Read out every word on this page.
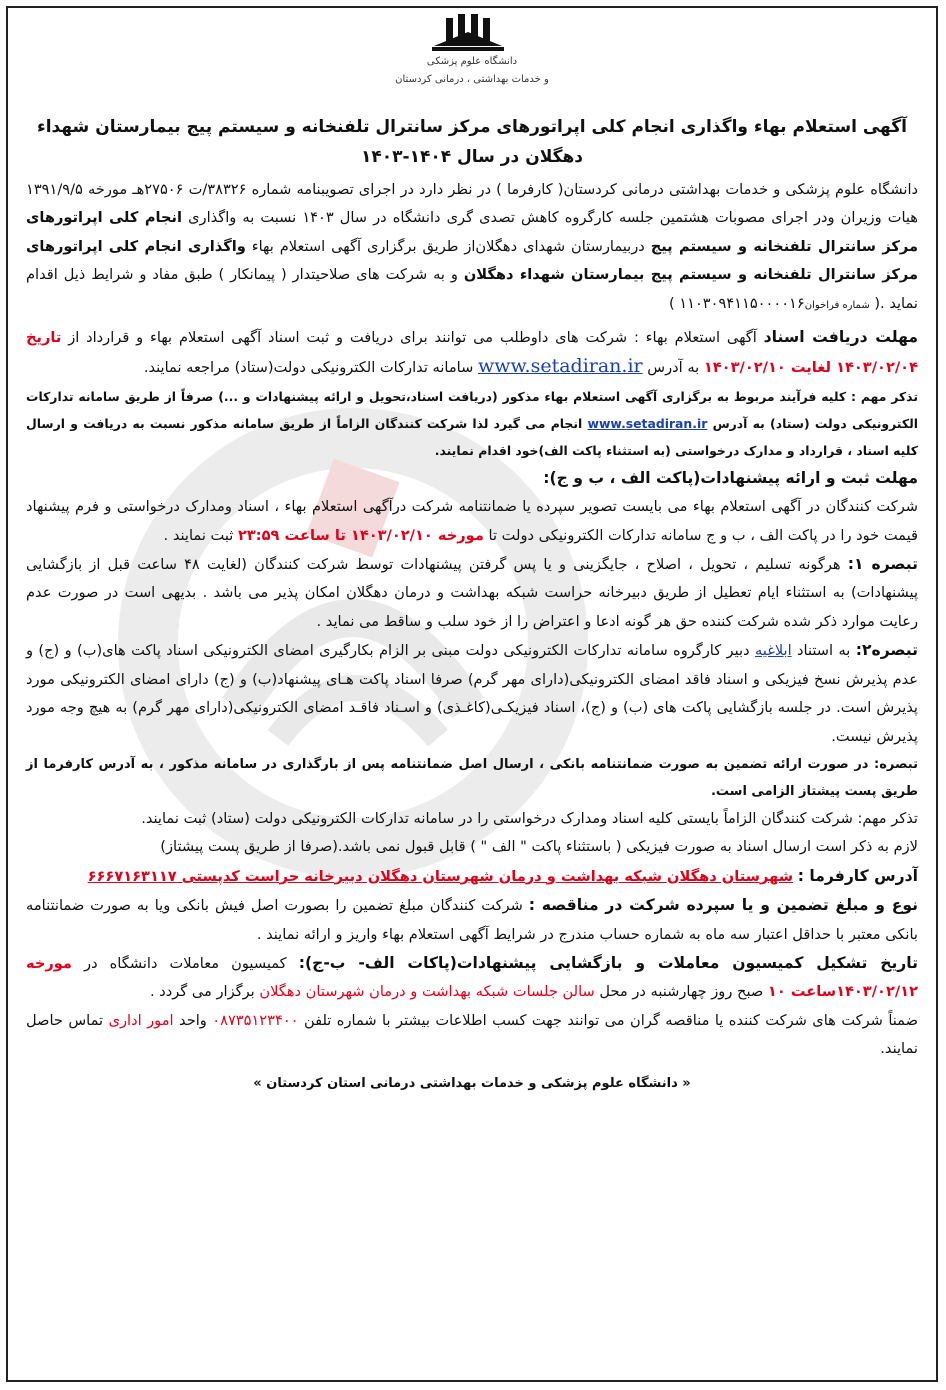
دانشگاه علوم پزشکی
و خدمات بهداشتی ، درمانی کردستان
آگهی استعلام بهاء واگذاری انجام کلی اپراتورهای مرکز سانترال تلفنخانه و سیستم پیج بیمارستان شهداء دهگلان در سال ۱۴۰۴-۱۴۰۳

دانشگاه علوم پزشکی و خدمات بهداشتی درمانی کردستان( کارفرما ) در نظر دارد در اجرای تصویبنامه شماره ۳۸۳۲۶/ت ۲۷۵۰۶هـ مورخه ۱۳۹۱/۹/۵ هیات وزیران ودر اجرای مصوبات هشتمین جلسه کارگروه کاهش تصدی گری دانشگاه در سال ۱۴۰۳ نسبت به واگذاری انجام کلی اپراتورهای مرکز سانترال تلفنخانه و سیستم پیج دربیمارستان شهدای دهگلان‌از طریق برگزاری آگهی استعلام بهاء واگذاری انجام کلی اپراتورهای مرکز سانترال تلفنخانه و سیستم پیج بیمارستان شهداء دهگلان و به شرکت های صلاحیتدار ( پیمانکار ) طبق مفاد و شرایط ذیل اقدام نماید .( شماره فراخوان۱۱۰۳۰۹۴۱۱۵۰۰۰۰۱۶ )

مهلت دریافت اسناد آگهی استعلام بهاء : شرکت های داوطلب می توانند برای دریافت و ثبت اسناد آگهی استعلام بهاء و قرارداد از تاریخ ۱۴۰۳/۰۲/۰۴ لغایت ۱۴۰۳/۰۲/۱۰ به آدرس www.setadiran.ir سامانه تدارکات الکترونیکی دولت(ستاد) مراجعه نمایند.

تذکر مهم : کلیه فرآیند مربوط به برگزاری آگهی استعلام بهاء مذکور (دریافت اسناد،تحویل و ارائه پیشنهادات و ...) صرفاً از طریق سامانه تدارکات الکترونیکی دولت (ستاد) به آدرس www.setadiran.ir انجام می گیرد لذا شرکت کنندگان الزاماً از طریق سامانه مذکور نسبت به دریافت و ارسال کلیه اسناد ، قرارداد و مدارک درخواستی (به استثناء پاکت الف)خود اقدام نمایند.

مهلت ثبت و ارائه پیشنهادات(پاکت الف ، ب و ج):
شرکت کنندگان در آگهی استعلام بهاء می بایست تصویر سپرده یا ضمانتنامه شرکت درآگهی استعلام بهاء ، اسناد ومدارک درخواستی و فرم پیشنهاد قیمت خود را در پاکت الف ، ب و ج سامانه تدارکات الکترونیکی دولت تا مورخه ۱۴۰۳/۰۲/۱۰ تا ساعت ۲۳:۵۹ ثبت نمایند .

تبصره ۱: هرگونه تسلیم ، تحویل ، اصلاح ، جایگزینی و یا پس گرفتن پیشنهادات توسط شرکت کنندگان (لغایت ۴۸ ساعت قبل از بازگشایی پیشنهادات) به استثناء ایام تعطیل از طریق دبیرخانه حراست شبکه بهداشت و درمان دهگلان امکان پذیر می باشد . بدیهی است در صورت عدم رعایت موارد ذکر شده شرکت کننده حق هر گونه ادعا و اعتراض را از خود سلب و ساقط می نماید .

تبصره۲: به استناد ابلاغیه دبیر کارگروه سامانه تدارکات الکترونیکی دولت مبنی بر الزام بکارگیری امضای الکترونیکی اسناد پاکت های(ب) و (ج) و عدم پذیرش نسخ فیزیکی و اسناد فاقد امضای الکترونیکی(دارای مهر گرم) صرفا اسناد پاکت هـای پیشنهاد(ب) و (ج) دارای امضای الکترونیکی مورد پذیرش است. در جلسه بازگشایی پاکت های (ب) و (ج)، اسناد فیزیکـی(کاغـذی) و اسـناد فاقـد امضای الکترونیکی(دارای مهر گرم) به هیچ وجه مورد پذیرش نیست.

تبصره: در صورت ارائه تضمین به صورت ضمانتنامه بانکی ، ارسال اصل ضمانتنامه پس از بارگذاری در سامانه مذکور ، به آدرس کارفرما از طریق پست پیشتاز الزامی است.

تذکر مهم: شرکت کنندگان الزاماً بایستی کلیه اسناد ومدارک درخواستی را در سامانه تدارکات الکترونیکی دولت (ستاد) ثبت نمایند.

لازم به ذکر است ارسال اسناد به صورت فیزیکی ( باستثناء پاکت " الف " ) قابل قبول نمی باشد.(صرفا از طریق پست پیشتاز)

آدرس کارفرما : شهرستان دهگلان شبکه بهداشت و درمان شهرستان دهگلان دبیرخانه حراست کدپستی ۶۶۶۷۱۶۳۱۱۷

نوع و مبلغ تضمین و یا سپرده شرکت در مناقصه : شرکت کنندگان مبلغ تضمین را بصورت اصل فیش بانکی ویا به صورت ضمانتنامه بانکی معتبر با حداقل اعتبار سه ماه به شماره حساب مندرج در شرایط آگهی استعلام بهاء واریز و ارائه نمایند .

تاریخ تشکیل کمیسیون معاملات و بازگشایی پیشنهادات(پاکات الف- ب-ج): کمیسیون معاملات دانشگاه در مورخه ۱۴۰۳/۰۲/۱۲ساعت ۱۰ صبح روز چهارشنبه در محل سالن جلسات شبکه بهداشت و درمان شهرستان دهگلان برگزار می گردد .

ضمناً شرکت های شرکت کننده یا مناقصه گران می توانند جهت کسب اطلاعات بیشتر با شماره تلفن ۰۸۷۳۵۱۲۳۴۰۰ واحد امور اداری تماس حاصل نمایند.

« دانشگاه علوم پزشکی و خدمات بهداشتی درمانی استان کردستان »
